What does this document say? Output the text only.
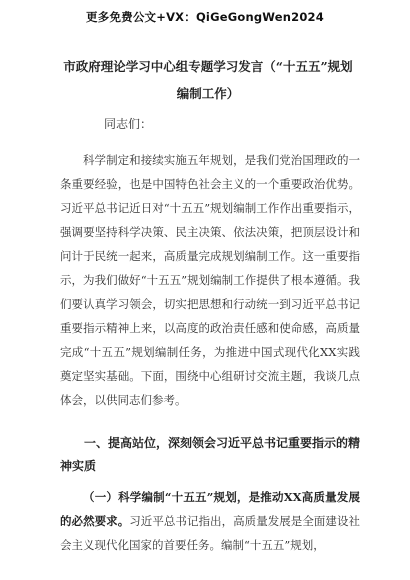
更多免费公文+VX：QiGeGongWen2024
市政府理论学习中心组专题学习发言（“十五五”规划编制工作）
同志们：
科学制定和接续实施五年规划，是我们党治国理政的一条重要经验，也是中国特色社会主义的一个重要政治优势。习近平总书记近日对“十五五”规划编制工作作出重要指示，强调要坚持科学决策、民主决策、依法决策，把顶层设计和问计于民统一起来，高质量完成规划编制工作。这一重要指示，为我们做好“十五五”规划编制工作提供了根本遵循。我们要认真学习领会，切实把思想和行动统一到习近平总书记重要指示精神上来，以高度的政治责任感和使命感，高质量完成“十五五”规划编制任务，为推进中国式现代化XX实践奠定坚实基础。下面，围绕中心组研讨交流主题，我谈几点体会，以供同志们参考。
一、提高站位，深刻领会习近平总书记重要指示的精神实质
（一）科学编制“十五五”规划，是推动XX高质量发展的必然要求。习近平总书记指出，高质量发展是全面建设社会主义现代化国家的首要任务。编制“十五五”规划，
